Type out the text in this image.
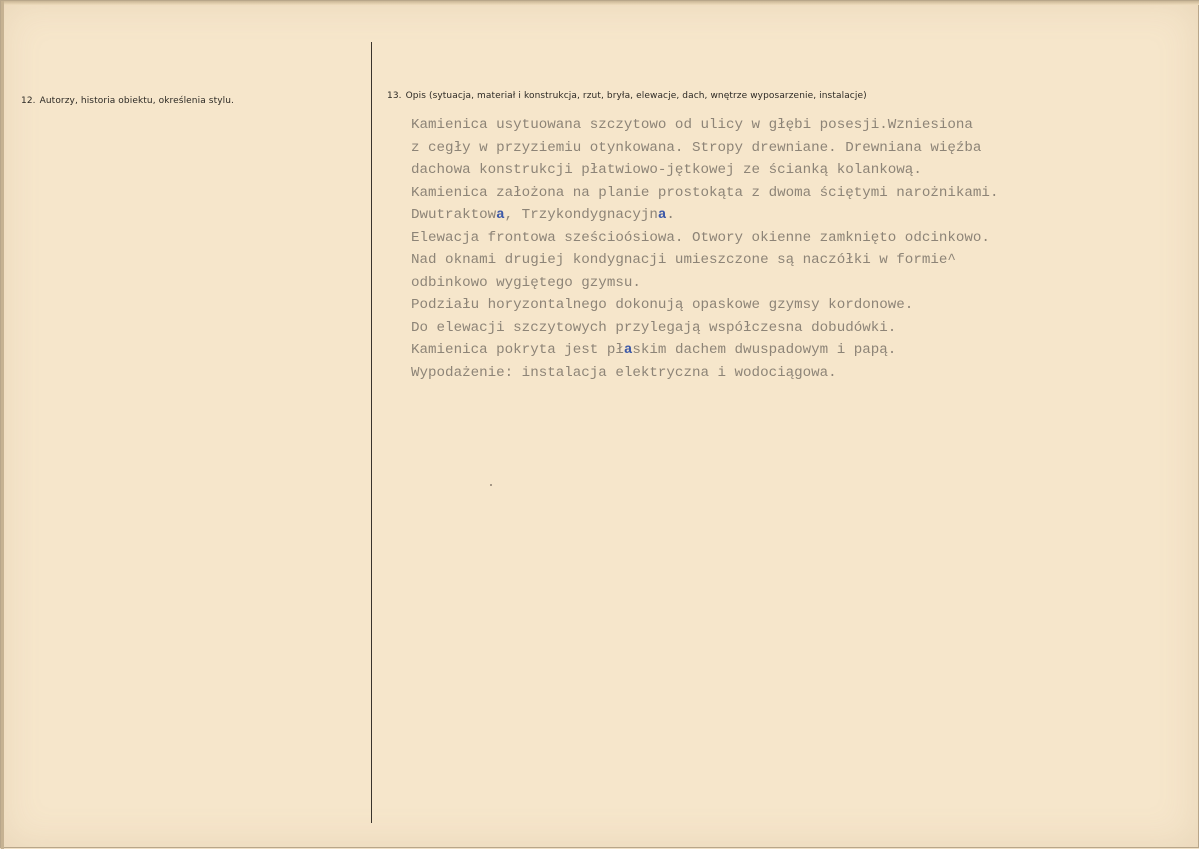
12. Autorzy, historia obiektu, określenia stylu.	13. Opis (sytuacja, materiał i konstrukcja, rzut, bryła, elewacje, dach, wnętrze wyposarzenie, instalacje)
Kamienica usytuowana szczytowo od ulicy w głębi posesji.Wzniesiona
z cegły w przyziemiu otynkowana. Stropy drewniane. Drewniana więźba
dachowa konstrukcji płatwiowo-jętkowej ze ścianką kolankową.
Kamienica założona na planie prostokąta z dwoma ściętymi narożnikami.
Dwutraktowa, Trzykondygnacyjna.
Elewacja frontowa sześcioósiowa. Otwory okienne zamknięto odcinkowo.
Nad oknami drugiej kondygnacji umieszczone są naczółki w formie^
odbinkowo wygiętego gzymsu.
Podziału horyzontalnego dokonują opaskowe gzymsy kordonowe.
Do elewacji szczytowych przylegają współczesna dobudówki.
Kamienica pokryta jest płaskim dachem dwuspadowym i papą.
Wypodażenie: instalacja elektryczna i wodociągowa.
